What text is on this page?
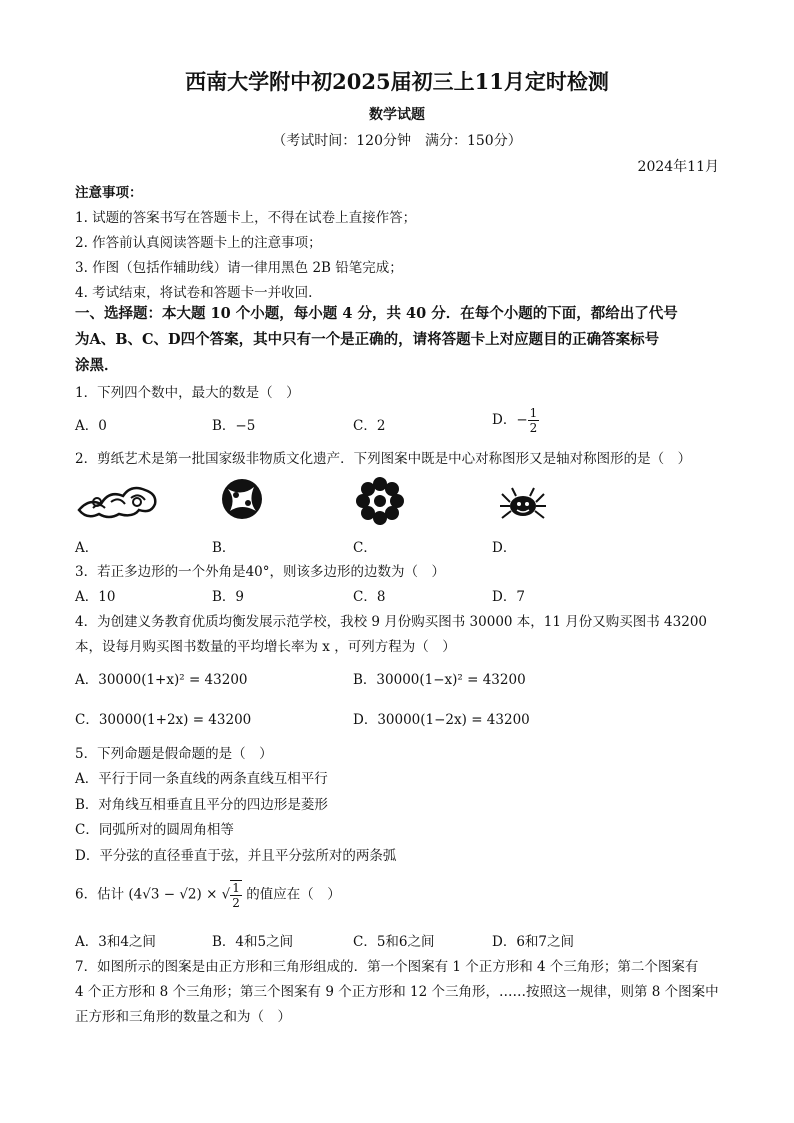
西南大学附中初2025届初三上11月定时检测
数学试题
（考试时间：120分钟　满分：150分）
2024年11月
注意事项：
1. 试题的答案书写在答题卡上，不得在试卷上直接作答；
2. 作答前认真阅读答题卡上的注意事项；
3. 作图（包括作辅助线）请一律用黑色 2B 铅笔完成；
4. 考试结束，将试卷和答题卡一并收回.
一、选择题：本大题 10 个小题，每小题 4 分，共 40 分．在每个小题的下面，都给出了代号
为A、B、C、D四个答案，其中只有一个是正确的，请将答题卡上对应题目的正确答案标号
涂黑．
1．下列四个数中，最大的数是（　）
A．0	B．−5	C．2	D．− $\frac{1}{2}$
2．剪纸艺术是第一批国家级非物质文化遗产．下列图案中既是中心对称图形又是轴对称图形的是（　）
A．	B．	C．	D．
3．若正多边形的一个外角是40°，则该多边形的边数为（　）
A．10	B．9	C．8	D．7
4．为创建义务教育优质均衡发展示范学校，我校 9 月份购买图书 30000 本，11 月份又购买图书 43200
本，设每月购买图书数量的平均增长率为 x ，可列方程为（　）
A．30000(1+x)² = 43200	B．30000(1−x)² = 43200
C．30000(1+2x) = 43200	D．30000(1−2x) = 43200
5．下列命题是假命题的是（　）
A．平行于同一条直线的两条直线互相平行
B．对角线互相垂直且平分的四边形是菱形
C．同弧所对的圆周角相等
D．平分弦的直径垂直于弦，并且平分弦所对的两条弧
6．估计 (4√3 − √2) × √ $\frac{1}{2}$ 的值应在（　）
A．3和4之间	B．4和5之间	C．5和6之间	D．6和7之间
7．如图所示的图案是由正方形和三角形组成的．第一个图案有 1 个正方形和 4 个三角形；第二个图案有
4 个正方形和 8 个三角形；第三个图案有 9 个正方形和 12 个三角形，……按照这一规律，则第 8 个图案中
正方形和三角形的数量之和为（　）
